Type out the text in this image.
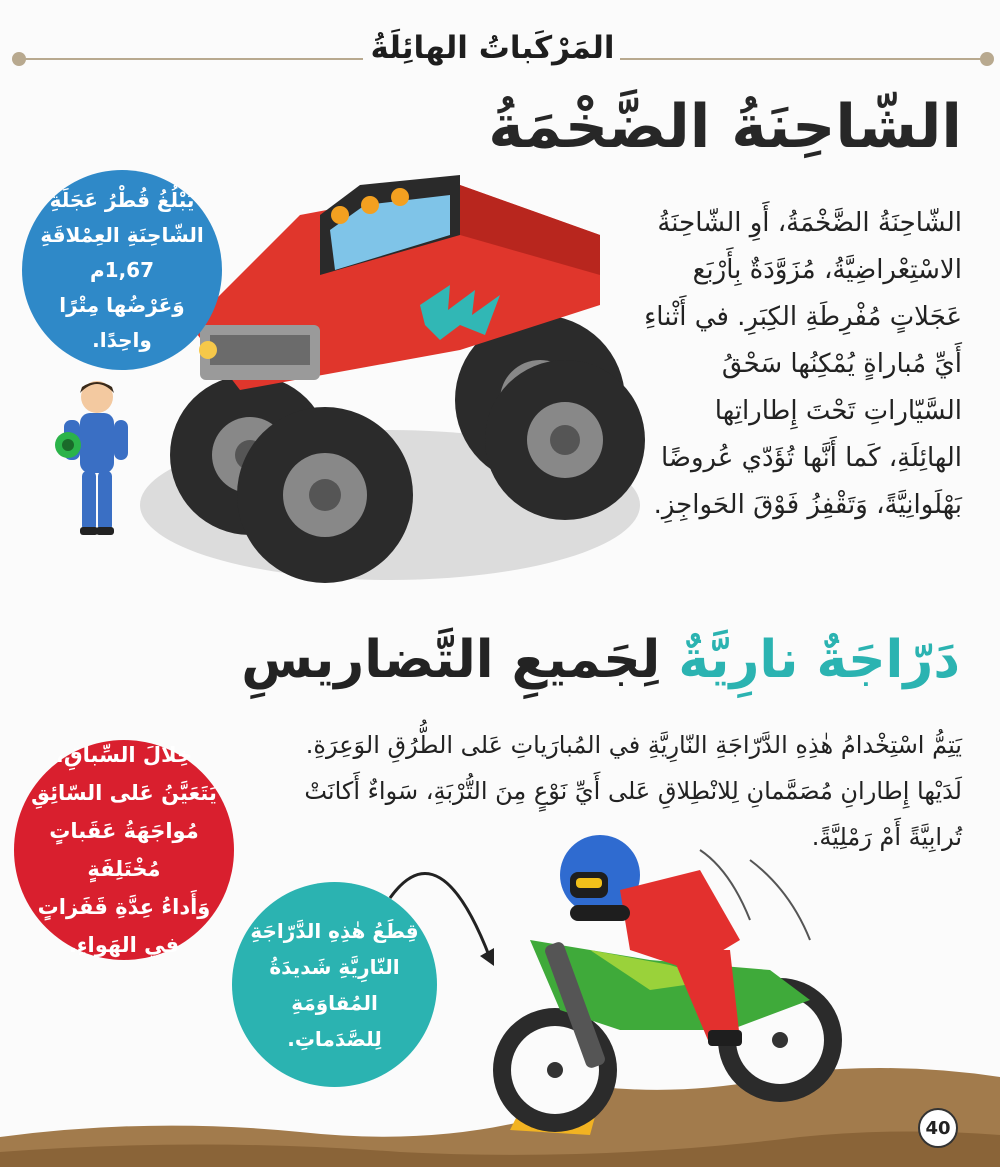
المَرْكَباتُ الهائِلَةُ
الشّاحِنَةُ الضَّخْمَةُ
الشّاحِنَةُ الضَّخْمَةُ، أَوِ الشّاحِنَةُ
الاسْتِعْراضِيَّةُ، مُزَوَّدَةٌ بِأَرْبَع
عَجَلاتٍ مُفْرِطَةِ الكِبَرِ. في أَثْناءِ
أَيِّ مُباراةٍ يُمْكِنُها سَحْقُ
السَّيّاراتِ تَحْتَ إِطاراتِها
الهائِلَةِ، كَما أَنَّها تُؤَدّي عُروضًا
بَهْلَوانِيَّةً، وَتَقْفِزُ فَوْقَ الحَواجِزِ.
يَبْلُغُ قُطْرُ عَجَلَةِ
الشّاحِنَةِ العِمْلاقَةِ 1,67م
وَعَرْضُها مِتْرًا واحِدًا.
دَرّاجَةٌ نارِيَّةٌ لِجَميعِ التَّضاريسِ
يَتِمُّ اسْتِخْدامُ هٰذِهِ الدَّرّاجَةِ النّارِيَّةِ في المُبارَياتِ عَلى الطُّرُقِ الوَعِرَةِ.
لَدَيْها إِطارانِ مُصَمَّمانِ لِلانْطِلاقِ عَلى أَيِّ نَوْعٍ مِنَ التُّرْبَةِ، سَواءٌ أَكانَتْ
تُرابِيَّةً أَمْ رَمْلِيَّةً.
خِلالَ السِّباقِ،
يَتَعَيَّنُ عَلى السّائِقِ
مُواجَهَةُ عَقَباتٍ مُخْتَلِفَةٍ
وَأَداءُ عِدَّةِ قَفَزاتٍ
في الهَواءِ.
قِطَعُ هٰذِهِ الدَّرّاجَةِ
النّارِيَّةِ شَديدَةُ
المُقاوَمَةِ لِلصَّدَماتِ.
40
